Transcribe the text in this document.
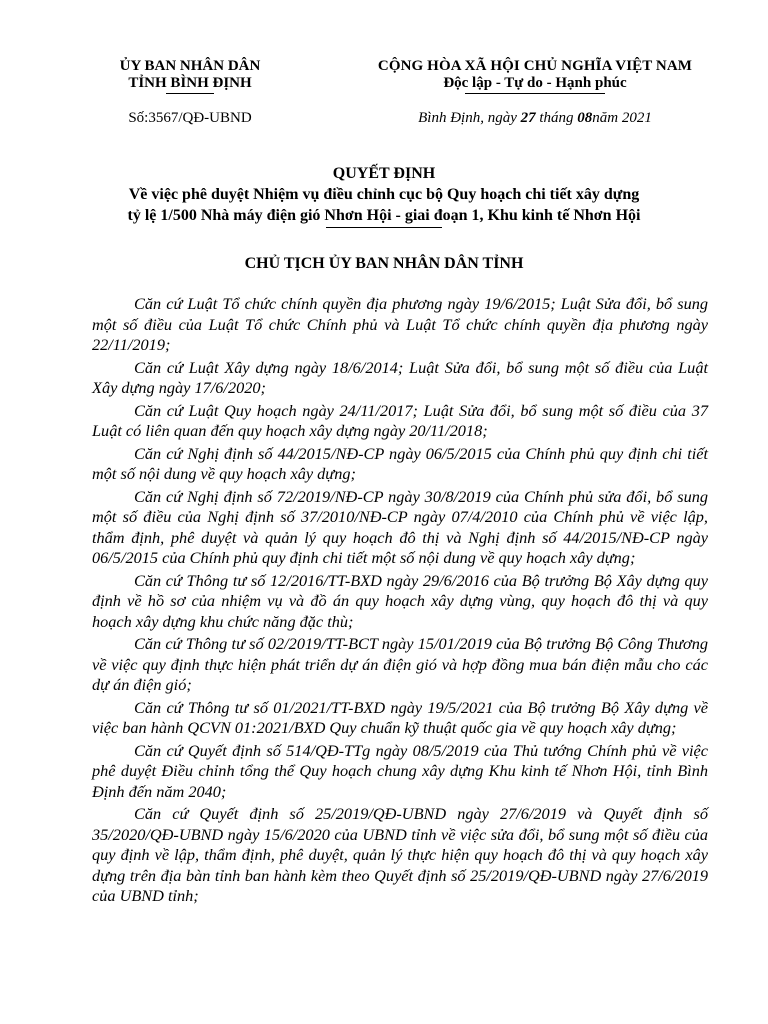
ỦY BAN NHÂN DÂN
TỈNH BÌNH ĐỊNH
CỘNG HÒA XÃ HỘI CHỦ NGHĨA VIỆT NAM
Độc lập - Tự do - Hạnh phúc
Số:3567/QĐ-UBND	Bình Định, ngày 27 tháng 08năm 2021
QUYẾT ĐỊNH
Về việc phê duyệt Nhiệm vụ điều chỉnh cục bộ Quy hoạch chi tiết xây dựng
tỷ lệ 1/500 Nhà máy điện gió Nhơn Hội - giai đoạn 1, Khu kinh tế Nhơn Hội
CHỦ TỊCH ỦY BAN NHÂN DÂN TỈNH

Căn cứ Luật Tổ chức chính quyền địa phương ngày 19/6/2015; Luật Sửa đổi, bổ sung một số điều của Luật Tổ chức Chính phủ và Luật Tổ chức chính quyền địa phương ngày 22/11/2019;

Căn cứ Luật Xây dựng ngày 18/6/2014; Luật Sửa đổi, bổ sung một số điều của Luật Xây dựng ngày 17/6/2020;

Căn cứ Luật Quy hoạch ngày 24/11/2017; Luật Sửa đổi, bổ sung một số điều của 37 Luật có liên quan đến quy hoạch xây dựng ngày 20/11/2018;

Căn cứ Nghị định số 44/2015/NĐ-CP ngày 06/5/2015 của Chính phủ quy định chi tiết một số nội dung về quy hoạch xây dựng;

Căn cứ Nghị định số 72/2019/NĐ-CP ngày 30/8/2019 của Chính phủ sửa đổi, bổ sung một số điều của Nghị định số 37/2010/NĐ-CP ngày 07/4/2010 của Chính phủ về việc lập, thẩm định, phê duyệt và quản lý quy hoạch đô thị và Nghị định số 44/2015/NĐ-CP ngày 06/5/2015 của Chính phủ quy định chi tiết một số nội dung về quy hoạch xây dựng;

Căn cứ Thông tư số 12/2016/TT-BXD ngày 29/6/2016 của Bộ trưởng Bộ Xây dựng quy định về hồ sơ của nhiệm vụ và đồ án quy hoạch xây dựng vùng, quy hoạch đô thị và quy hoạch xây dựng khu chức năng đặc thù;

Căn cứ Thông tư số 02/2019/TT-BCT ngày 15/01/2019 của Bộ trưởng Bộ Công Thương về việc quy định thực hiện phát triển dự án điện gió và hợp đồng mua bán điện mẫu cho các dự án điện gió;

Căn cứ Thông tư số 01/2021/TT-BXD ngày 19/5/2021 của Bộ trưởng Bộ Xây dựng về việc ban hành QCVN 01:2021/BXD Quy chuẩn kỹ thuật quốc gia về quy hoạch xây dựng;

Căn cứ Quyết định số 514/QĐ-TTg ngày 08/5/2019 của Thủ tướng Chính phủ về việc phê duyệt Điều chỉnh tổng thể Quy hoạch chung xây dựng Khu kinh tế Nhơn Hội, tỉnh Bình Định đến năm 2040;

Căn cứ Quyết định số 25/2019/QĐ-UBND ngày 27/6/2019 và Quyết định số 35/2020/QĐ-UBND ngày 15/6/2020 của UBND tỉnh về việc sửa đổi, bổ sung một số điều của quy định về lập, thẩm định, phê duyệt, quản lý thực hiện quy hoạch đô thị và quy hoạch xây dựng trên địa bàn tỉnh ban hành kèm theo Quyết định số 25/2019/QĐ-UBND ngày 27/6/2019 của UBND tỉnh;
